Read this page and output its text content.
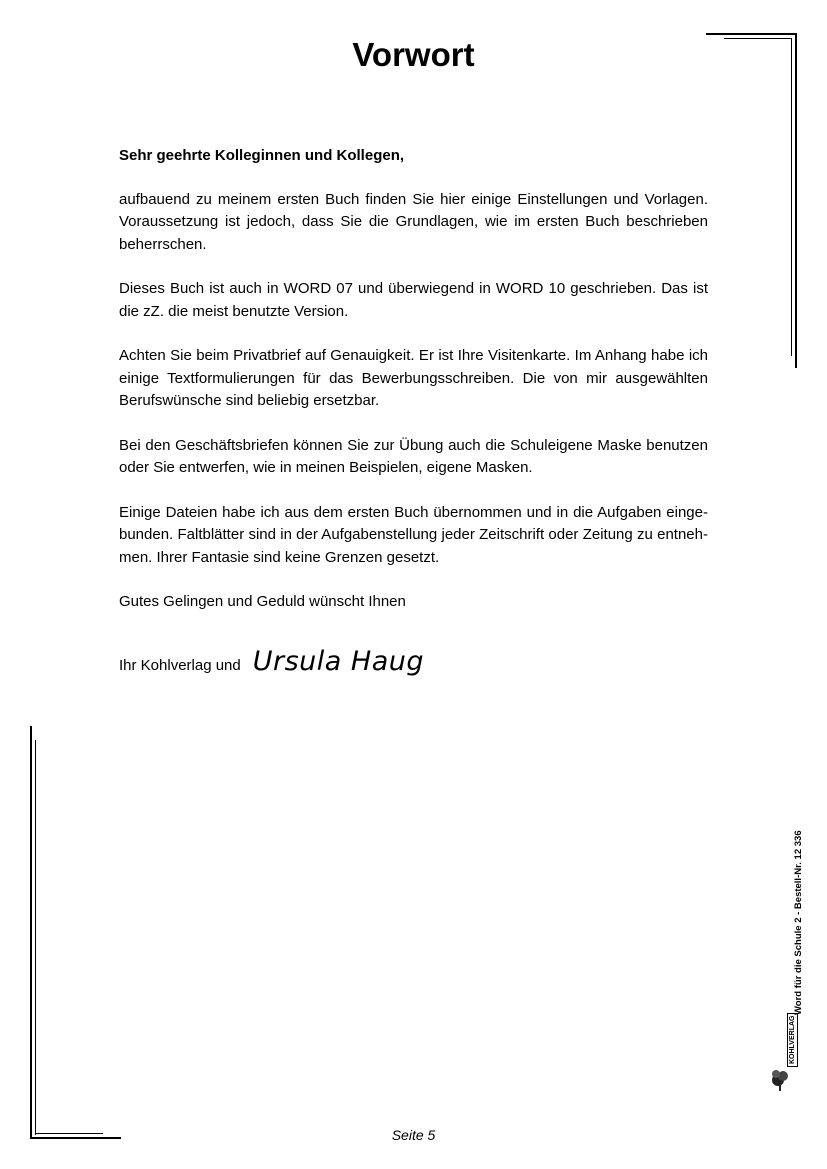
Vorwort

Sehr geehrte Kolleginnen und Kollegen,

aufbauend zu meinem ersten Buch finden Sie hier einige Einstellungen und Vorlagen. Voraussetzung ist jedoch, dass Sie die Grundlagen, wie im ersten Buch beschrieben beherrschen.

Dieses Buch ist auch in WORD 07 und überwiegend in WORD 10 geschrieben. Das ist die zZ. die meist benutzte Version.

Achten Sie beim Privatbrief auf Genauigkeit. Er ist Ihre Visitenkarte. Im Anhang habe ich einige Textformulierungen für das Bewerbungsschreiben. Die von mir ausgewählten Berufswünsche sind beliebig ersetzbar.

Bei den Geschäftsbriefen können Sie zur Übung auch die Schuleigene Maske benutzen oder Sie entwerfen, wie in meinen Beispielen, eigene Masken.

Einige Dateien habe ich aus dem ersten Buch übernommen und in die Aufgaben eingebunden. Faltblätter sind in der Aufgabenstellung jeder Zeitschrift oder Zeitung zu entnehmen. Ihrer Fantasie sind keine Grenzen gesetzt.

Gutes Gelingen und Geduld wünscht Ihnen

Ihr Kohlverlag und Ursula Haug
Word für die Schule 2 - Bestell-Nr. 12 336
KOHLVERLAG
Seite 5
